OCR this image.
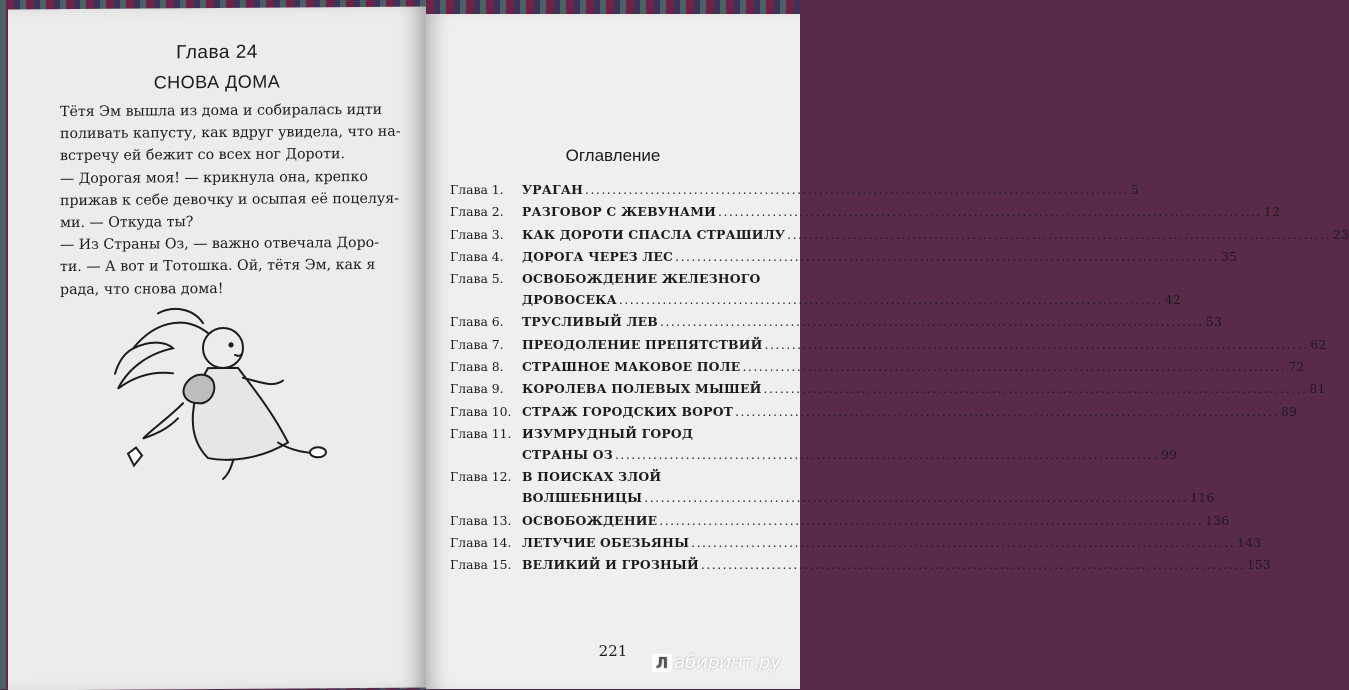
Глава 24
СНОВА ДОМА
Тётя Эм вышла из дома и собиралась идти
поливать капусту, как вдруг увидела, что на-
встречу ей бежит со всех ног Дороти.
— Дорогая моя! — крикнула она, крепко
прижав к себе девочку и осыпая её поцелуя-
ми. — Откуда ты?
— Из Страны Оз, — важно отвечала Доро-
ти. — А вот и Тотошка. Ой, тётя Эм, как я
рада, что снова дома!
Оглавление
Глава 1.	УРАГАН .....	5
Глава 2.	РАЗГОВОР С ЖЕВУНАМИ .....	12
Глава 3.	КАК ДОРОТИ СПАСЛА СТРАШИЛУ .....	23
Глава 4.	ДОРОГА ЧЕРЕЗ ЛЕС .....	35
Глава 5.	ОСВОБОЖДЕНИЕ ЖЕЛЕЗНОГО
ДРОВОСЕКА .....	42
Глава 6.	ТРУСЛИВЫЙ ЛЕВ .....	53
Глава 7.	ПРЕОДОЛЕНИЕ ПРЕПЯТСТВИЙ .....	62
Глава 8.	СТРАШНОЕ МАКОВОЕ ПОЛЕ .....	72
Глава 9.	КОРОЛЕВА ПОЛЕВЫХ МЫШЕЙ .....	81
Глава 10. СТРАЖ ГОРОДСКИХ ВОРОТ .....	89
Глава 11. ИЗУМРУДНЫЙ ГОРОД
СТРАНЫ ОЗ .....	99
Глава 12. В ПОИСКАХ ЗЛОЙ
ВОЛШЕБНИЦЫ .....	116
Глава 13. ОСВОБОЖДЕНИЕ .....	136
Глава 14. ЛЕТУЧИЕ ОБЕЗЬЯНЫ .....	143
Глава 15. ВЕЛИКИЙ И ГРОЗНЫЙ .....	153
221
Л абиринт.ру
